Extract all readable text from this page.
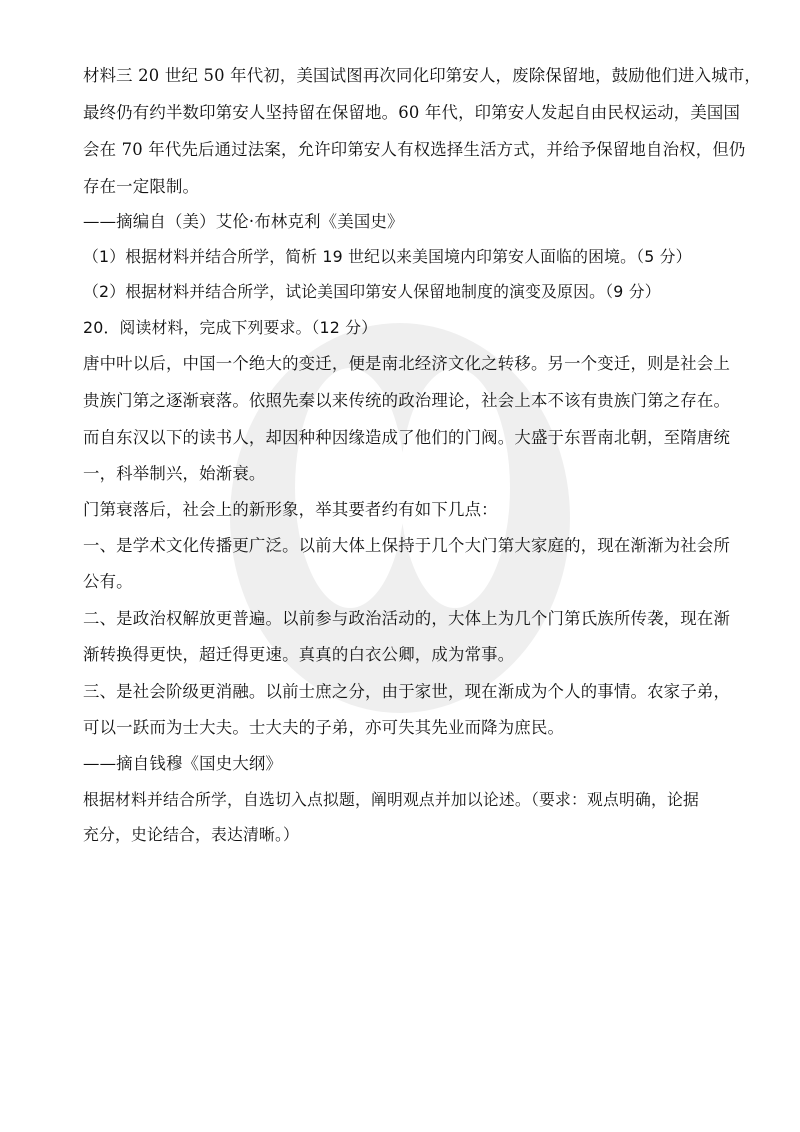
材料三 20 世纪 50 年代初，美国试图再次同化印第安人，废除保留地，鼓励他们进入城市，
最终仍有约半数印第安人坚持留在保留地。60 年代，印第安人发起自由民权运动，美国国
会在 70 年代先后通过法案，允许印第安人有权选择生活方式，并给予保留地自治权，但仍
存在一定限制。
——摘编自（美）艾伦·布林克利《美国史》
（1）根据材料并结合所学，简析 19 世纪以来美国境内印第安人面临的困境。（5 分）
（2）根据材料并结合所学，试论美国印第安人保留地制度的演变及原因。（9 分）
20．阅读材料，完成下列要求。（12 分）
唐中叶以后，中国一个绝大的变迁，便是南北经济文化之转移。另一个变迁，则是社会上
贵族门第之逐渐衰落。依照先秦以来传统的政治理论，社会上本不该有贵族门第之存在。
而自东汉以下的读书人，却因种种因缘造成了他们的门阀。大盛于东晋南北朝，至隋唐统
一，科举制兴，始渐衰。
门第衰落后，社会上的新形象，举其要者约有如下几点：
一、是学术文化传播更广泛。以前大体上保持于几个大门第大家庭的，现在渐渐为社会所
公有。
二、是政治权解放更普遍。以前参与政治活动的，大体上为几个门第氏族所传袭，现在渐
渐转换得更快，超迁得更速。真真的白衣公卿，成为常事。
三、是社会阶级更消融。以前士庶之分，由于家世，现在渐成为个人的事情。农家子弟，
可以一跃而为士大夫。士大夫的子弟，亦可失其先业而降为庶民。
——摘自钱穆《国史大纲》
根据材料并结合所学，自选切入点拟题，阐明观点并加以论述。（要求：观点明确，论据
充分，史论结合，表达清晰。）
